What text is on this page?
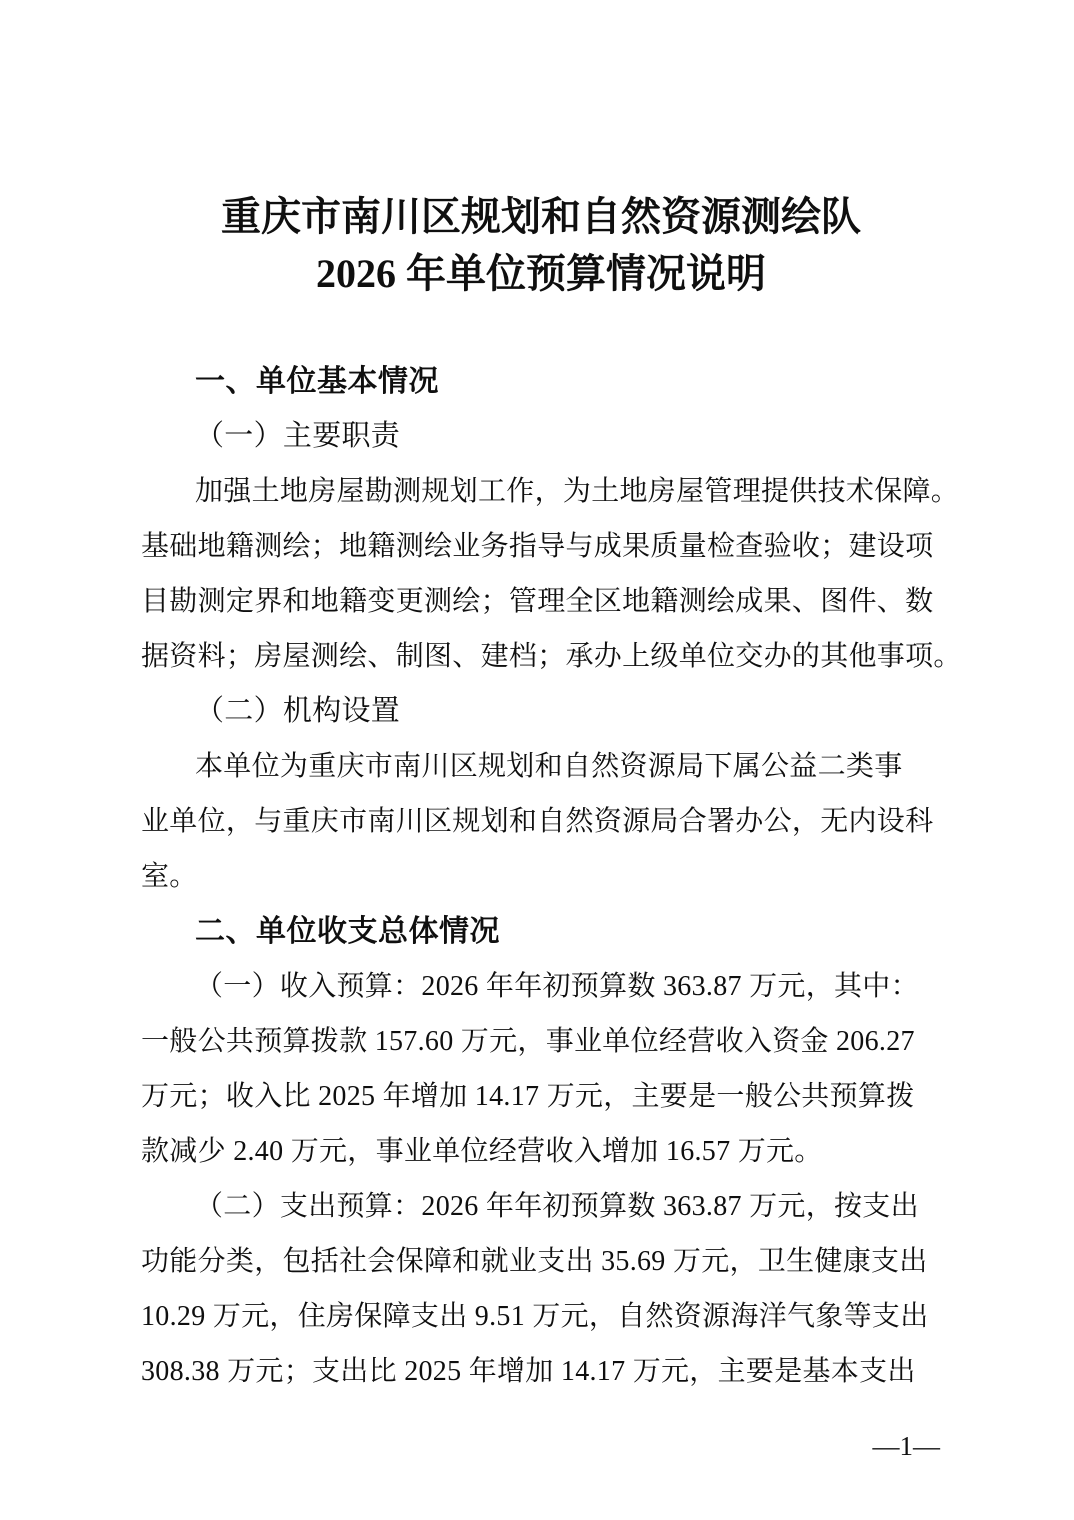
重庆市南川区规划和自然资源测绘队
2026 年单位预算情况说明
一、单位基本情况
（一）主要职责
加强土地房屋勘测规划工作，为土地房屋管理提供技术保障。
基础地籍测绘；地籍测绘业务指导与成果质量检查验收；建设项
目勘测定界和地籍变更测绘；管理全区地籍测绘成果、图件、数
据资料；房屋测绘、制图、建档；承办上级单位交办的其他事项。
（二）机构设置
本单位为重庆市南川区规划和自然资源局下属公益二类事
业单位，与重庆市南川区规划和自然资源局合署办公，无内设科
室。
二、单位收支总体情况
（一）收入预算：2026 年年初预算数 363.87 万元，其中：
一般公共预算拨款 157.60 万元，事业单位经营收入资金 206.27
万元；收入比 2025 年增加 14.17 万元，主要是一般公共预算拨
款减少 2.40 万元，事业单位经营收入增加 16.57 万元。
（二）支出预算：2026 年年初预算数 363.87 万元，按支出
功能分类，包括社会保障和就业支出 35.69 万元，卫生健康支出
10.29 万元，住房保障支出 9.51 万元，自然资源海洋气象等支出
308.38 万元；支出比 2025 年增加 14.17 万元，主要是基本支出
—1—
